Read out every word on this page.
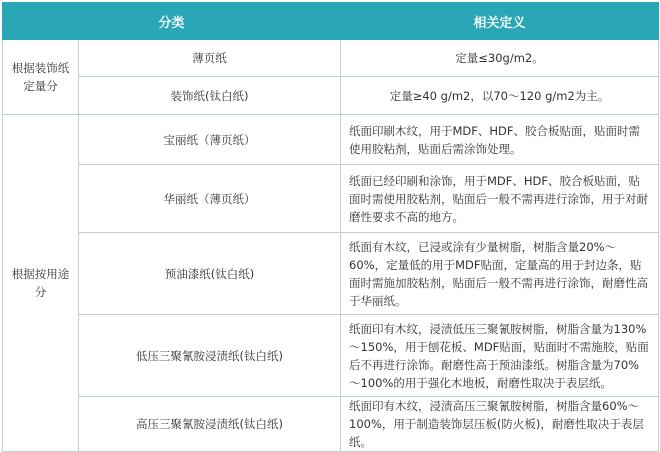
分类		相关定义
根据装饰纸定量分	薄页纸	定量≤30g/m2。
	装饰纸(钛白纸)	定量≥40 g/m2，以70～120 g/m2为主。
根据按用途分	宝丽纸（薄页纸）	纸面印刷木纹，用于MDF、HDF、胶合板贴面，贴面时需使用胶粘剂，贴面后需涂饰处理。
	华丽纸（薄页纸）	纸面已经印刷和涂饰，用于MDF、HDF、胶合板贴面，贴面时需使用胶粘剂，贴面后一般不需再进行涂饰，用于对耐磨性要求不高的地方。
	预油漆纸(钛白纸)	纸面有木纹，已浸或涂有少量树脂，树脂含量20%～60%，定量低的用于MDF贴面，定量高的用于封边条，贴面时需施加胶粘剂，贴面后一般不需再进行涂饰，耐磨性高于华丽纸。
	低压三聚氰胺浸渍纸(钛白纸)	纸面印有木纹，浸渍低压三聚氰胺树脂，树脂含量为130%～150%，用于刨花板、MDF贴面，贴面时不需施胶，贴面后不再进行涂饰。耐磨性高于预油漆纸。树脂含量为70%～100%的用于强化木地板，耐磨性取决于表层纸。
	高压三聚氰胺浸渍纸(钛白纸)	纸面印有木纹，浸渍高压三聚氰胺树脂，树脂含量60%～100%，用于制造装饰层压板(防火板)，耐磨性取决于表层纸。
